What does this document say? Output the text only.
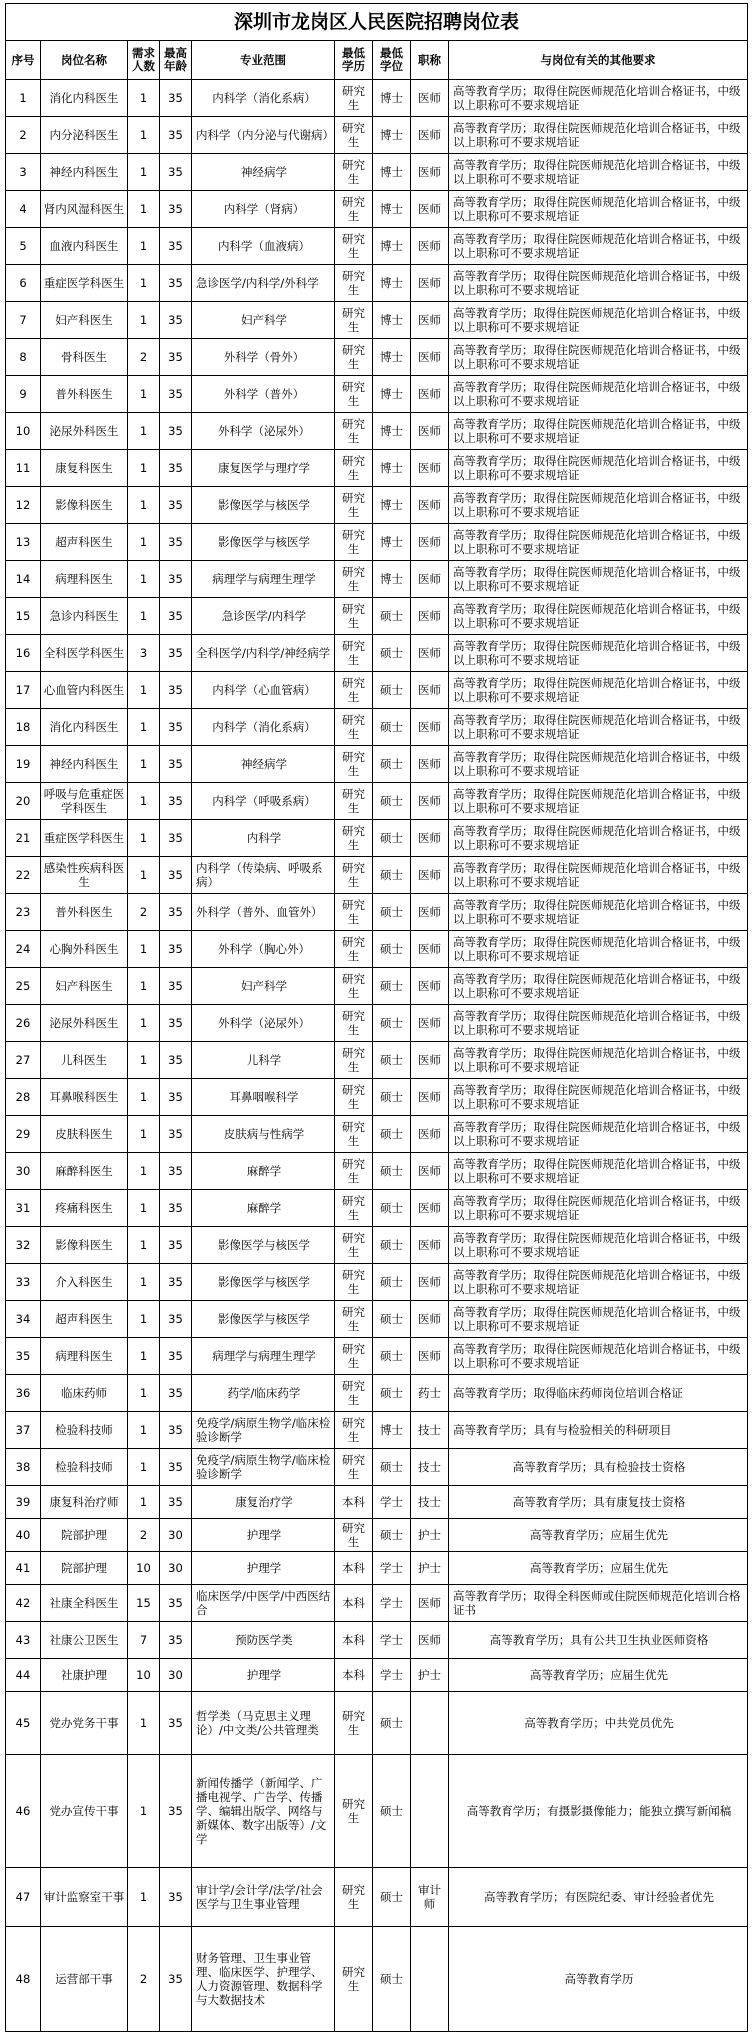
深圳市龙岗区人民医院招聘岗位表								
序号	岗位名称	需求人数	最高年龄	专业范围	最低学历	最低学位	职称	与岗位有关的其他要求
1	消化内科医生	1	35	内科学（消化系病）	研究生	博士	医师	高等教育学历；取得住院医师规范化培训合格证书，中级以上职称可不要求规培证
2	内分泌科医生	1	35	内科学（内分泌与代谢病）	研究生	博士	医师	高等教育学历；取得住院医师规范化培训合格证书，中级以上职称可不要求规培证
3	神经内科医生	1	35	神经病学	研究生	博士	医师	高等教育学历；取得住院医师规范化培训合格证书，中级以上职称可不要求规培证
4	肾内风湿科医生	1	35	内科学（肾病）	研究生	博士	医师	高等教育学历；取得住院医师规范化培训合格证书，中级以上职称可不要求规培证
5	血液内科医生	1	35	内科学（血液病）	研究生	博士	医师	高等教育学历；取得住院医师规范化培训合格证书，中级以上职称可不要求规培证
6	重症医学科医生	1	35	急诊医学/内科学/外科学	研究生	博士	医师	高等教育学历；取得住院医师规范化培训合格证书，中级以上职称可不要求规培证
7	妇产科医生	1	35	妇产科学	研究生	博士	医师	高等教育学历；取得住院医师规范化培训合格证书，中级以上职称可不要求规培证
8	骨科医生	2	35	外科学（骨外）	研究生	博士	医师	高等教育学历；取得住院医师规范化培训合格证书，中级以上职称可不要求规培证
9	普外科医生	1	35	外科学（普外）	研究生	博士	医师	高等教育学历；取得住院医师规范化培训合格证书，中级以上职称可不要求规培证
10	泌尿外科医生	1	35	外科学（泌尿外）	研究生	博士	医师	高等教育学历；取得住院医师规范化培训合格证书，中级以上职称可不要求规培证
11	康复科医生	1	35	康复医学与理疗学	研究生	博士	医师	高等教育学历；取得住院医师规范化培训合格证书，中级以上职称可不要求规培证
12	影像科医生	1	35	影像医学与核医学	研究生	博士	医师	高等教育学历；取得住院医师规范化培训合格证书，中级以上职称可不要求规培证
13	超声科医生	1	35	影像医学与核医学	研究生	博士	医师	高等教育学历；取得住院医师规范化培训合格证书，中级以上职称可不要求规培证
14	病理科医生	1	35	病理学与病理生理学	研究生	博士	医师	高等教育学历；取得住院医师规范化培训合格证书，中级以上职称可不要求规培证
15	急诊内科医生	1	35	急诊医学/内科学	研究生	硕士	医师	高等教育学历；取得住院医师规范化培训合格证书，中级以上职称可不要求规培证
16	全科医学科医生	3	35	全科医学/内科学/神经病学	研究生	硕士	医师	高等教育学历；取得住院医师规范化培训合格证书，中级以上职称可不要求规培证
17	心血管内科医生	1	35	内科学（心血管病）	研究生	硕士	医师	高等教育学历；取得住院医师规范化培训合格证书，中级以上职称可不要求规培证
18	消化内科医生	1	35	内科学（消化系病）	研究生	硕士	医师	高等教育学历；取得住院医师规范化培训合格证书，中级以上职称可不要求规培证
19	神经内科医生	1	35	神经病学	研究生	硕士	医师	高等教育学历；取得住院医师规范化培训合格证书，中级以上职称可不要求规培证
20	呼吸与危重症医学科医生	1	35	内科学（呼吸系病）	研究生	硕士	医师	高等教育学历；取得住院医师规范化培训合格证书，中级以上职称可不要求规培证
21	重症医学科医生	1	35	内科学	研究生	硕士	医师	高等教育学历；取得住院医师规范化培训合格证书，中级以上职称可不要求规培证
22	感染性疾病科医生	1	35	内科学（传染病、呼吸系病）	研究生	硕士	医师	高等教育学历；取得住院医师规范化培训合格证书，中级以上职称可不要求规培证
23	普外科医生	2	35	外科学（普外、血管外）	研究生	硕士	医师	高等教育学历；取得住院医师规范化培训合格证书，中级以上职称可不要求规培证
24	心胸外科医生	1	35	外科学（胸心外）	研究生	硕士	医师	高等教育学历；取得住院医师规范化培训合格证书，中级以上职称可不要求规培证
25	妇产科医生	1	35	妇产科学	研究生	硕士	医师	高等教育学历；取得住院医师规范化培训合格证书，中级以上职称可不要求规培证
26	泌尿外科医生	1	35	外科学（泌尿外）	研究生	硕士	医师	高等教育学历；取得住院医师规范化培训合格证书，中级以上职称可不要求规培证
27	儿科医生	1	35	儿科学	研究生	硕士	医师	高等教育学历；取得住院医师规范化培训合格证书，中级以上职称可不要求规培证
28	耳鼻喉科医生	1	35	耳鼻咽喉科学	研究生	硕士	医师	高等教育学历；取得住院医师规范化培训合格证书，中级以上职称可不要求规培证
29	皮肤科医生	1	35	皮肤病与性病学	研究生	硕士	医师	高等教育学历；取得住院医师规范化培训合格证书，中级以上职称可不要求规培证
30	麻醉科医生	1	35	麻醉学	研究生	硕士	医师	高等教育学历；取得住院医师规范化培训合格证书，中级以上职称可不要求规培证
31	疼痛科医生	1	35	麻醉学	研究生	硕士	医师	高等教育学历；取得住院医师规范化培训合格证书，中级以上职称可不要求规培证
32	影像科医生	1	35	影像医学与核医学	研究生	硕士	医师	高等教育学历；取得住院医师规范化培训合格证书，中级以上职称可不要求规培证
33	介入科医生	1	35	影像医学与核医学	研究生	硕士	医师	高等教育学历；取得住院医师规范化培训合格证书，中级以上职称可不要求规培证
34	超声科医生	1	35	影像医学与核医学	研究生	硕士	医师	高等教育学历；取得住院医师规范化培训合格证书，中级以上职称可不要求规培证
35	病理科医生	1	35	病理学与病理生理学	研究生	硕士	医师	高等教育学历；取得住院医师规范化培训合格证书，中级以上职称可不要求规培证
36	临床药师	1	35	药学/临床药学	研究生	硕士	药士	高等教育学历；取得临床药师岗位培训合格证
37	检验科技师	1	35	免疫学/病原生物学/临床检验诊断学	研究生	博士	技士	高等教育学历；具有与检验相关的科研项目
38	检验科技师	1	35	免疫学/病原生物学/临床检验诊断学	研究生	硕士	技士	高等教育学历；具有检验技士资格
39	康复科治疗师	1	35	康复治疗学	本科	学士	技士	高等教育学历；具有康复技士资格
40	院部护理	2	30	护理学	研究生	硕士	护士	高等教育学历；应届生优先
41	院部护理	10	30	护理学	本科	学士	护士	高等教育学历；应届生优先
42	社康全科医生	15	35	临床医学/中医学/中西医结合	本科	学士	医师	高等教育学历；取得全科医师或住院医师规范化培训合格证书
43	社康公卫医生	7	35	预防医学类	本科	学士	医师	高等教育学历；具有公共卫生执业医师资格
44	社康护理	10	30	护理学	本科	学士	护士	高等教育学历；应届生优先
45	党办党务干事	1	35	哲学类（马克思主义理论）/中文类/公共管理类	研究生	硕士		高等教育学历；中共党员优先
46	党办宣传干事	1	35	新闻传播学（新闻学、广播电视学、广告学、传播学、编辑出版学、网络与新媒体、数字出版等）/文学	研究生	硕士		高等教育学历；有摄影摄像能力；能独立撰写新闻稿
47	审计监察室干事	1	35	审计学/会计学/法学/社会医学与卫生事业管理	研究生	硕士	审计师	高等教育学历；有医院纪委、审计经验者优先
48	运营部干事	2	35	财务管理、卫生事业管理、临床医学、护理学、人力资源管理、数据科学与大数据技术	研究生	硕士		高等教育学历
